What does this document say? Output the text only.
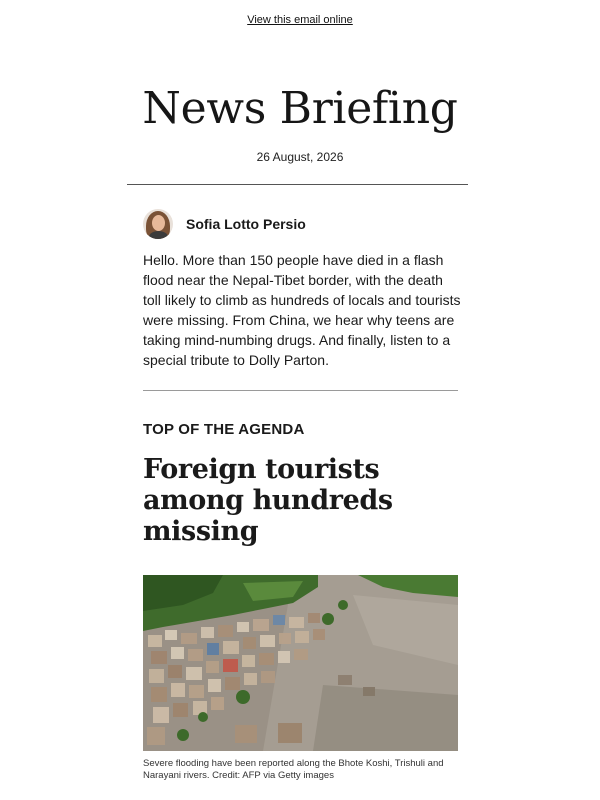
View this email online
News Briefing
26 August, 2026
Sofia Lotto Persio

Hello. More than 150 people have died in a flash flood near the Nepal-Tibet border, with the death toll likely to climb as hundreds of locals and tourists were missing. From China, we hear why teens are taking mind-numbing drugs. And finally, listen to a special tribute to Dolly Parton.

TOP OF THE AGENDA
Foreign tourists among hundreds missing
Severe flooding have been reported along the Bhote Koshi, Trishuli and Narayani rivers. Credit: AFP via Getty images
